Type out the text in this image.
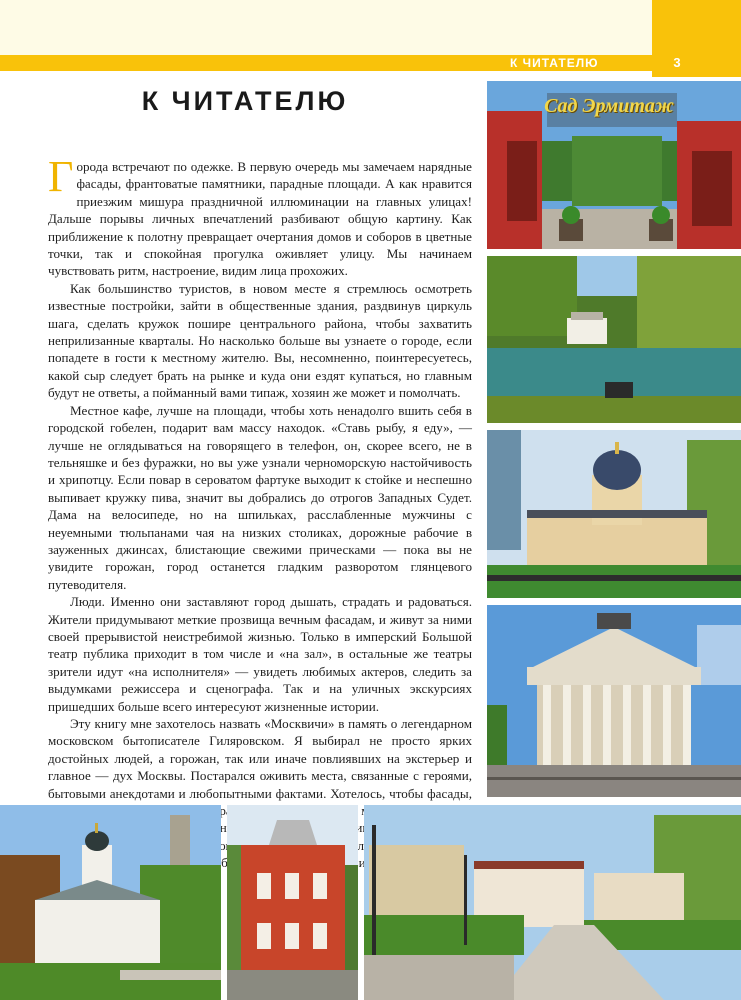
К ЧИТАТЕЛЮ	3
К ЧИТАТЕЛЮ

Города встречают по одежке. В первую очередь мы замечаем нарядные фасады, франтоватые памятники, парадные площади. А как нравится приезжим мишура праздничной иллюминации на главных улицах! Дальше порывы личных впечатлений разбивают общую картину. Как приближение к полотну превращает очертания домов и соборов в цветные точки, так и спокойная прогулка оживляет улицу. Мы начинаем чувствовать ритм, настроение, видим лица прохожих.

Как большинство туристов, в новом месте я стремлюсь осмотреть известные постройки, зайти в общественные здания, раздвинув циркуль шага, сделать кружок пошире центрального района, чтобы захватить неприлизанные кварталы. Но насколько больше вы узнаете о городе, если попадете в гости к местному жителю. Вы, несомненно, поинтересуетесь, какой сыр следует брать на рынке и куда они ездят купаться, но главным будут не ответы, а пойманный вами типаж, хозяин же может и помолчать.

Местное кафе, лучше на площади, чтобы хоть ненадолго вшить себя в городской гобелен, подарит вам массу находок. «Ставь рыбу, я еду», — лучше не оглядываться на говорящего в телефон, он, скорее всего, не в тельняшке и без фуражки, но вы уже узнали черноморскую настойчивость и хрипотцу. Если повар в сероватом фартуке выходит к стойке и неспешно выпивает кружку пива, значит вы добрались до отрогов Западных Судет. Дама на велосипеде, но на шпильках, расслабленные мужчины с неуемными тюльпанами чая на низких столиках, дорожные рабочие в зауженных джинсах, блистающие свежими прическами — пока вы не увидите горожан, город останется гладким разворотом глянцевого путеводителя.

Люди. Именно они заставляют город дышать, страдать и радоваться. Жители придумывают меткие прозвища вечным фасадам, и живут за ними своей прерывистой неистребимой жизнью. Только в имперский Большой театр публика приходит в том числе и «на зал», в остальные же театры зрители идут «на исполнителя» — увидеть любимых актеров, следить за выдумками режиссера и сценографа. Так и на уличных экскурсиях пришедших больше всего интересуют жизненные истории.

Эту книгу мне захотелось назвать «Москвичи» в память о легендарном московском бытописателе Гиляровском. Я выбирал не просто ярких достойных людей, а горожан, так или иначе повлиявших на экстерьер и главное — дух Москвы. Постарался оживить места, связанные с героями, бытовыми анекдотами и любопытными фактами. Хотелось, чтобы фасады, Расположены

Сад Эрмитаж
